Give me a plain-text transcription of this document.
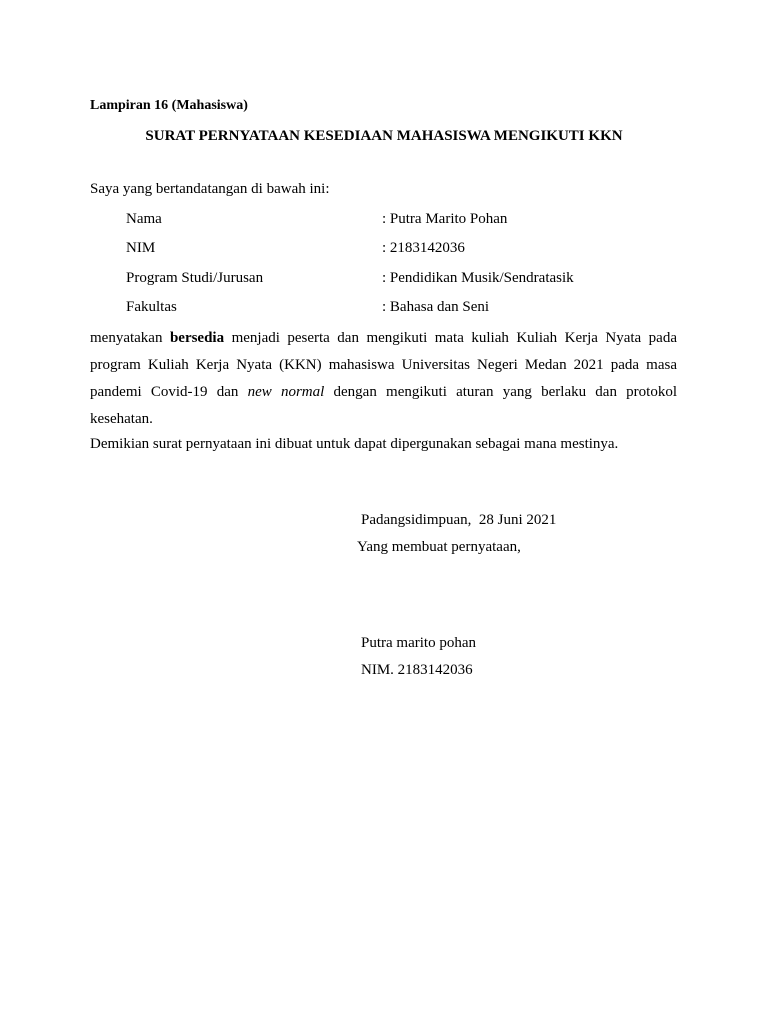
Lampiran 16 (Mahasiswa)
SURAT PERNYATAAN KESEDIAAN MAHASISWA MENGIKUTI KKN
Saya yang bertandatangan di bawah ini:
Nama	: Putra Marito Pohan
NIM	: 2183142036
Program Studi/Jurusan	: Pendidikan Musik/Sendratasik
Fakultas	: Bahasa dan Seni

menyatakan bersedia menjadi peserta dan mengikuti mata kuliah Kuliah Kerja Nyata pada program Kuliah Kerja Nyata (KKN) mahasiswa Universitas Negeri Medan 2021 pada masa pandemi Covid-19 dan new normal dengan mengikuti aturan yang berlaku dan protokol kesehatan.

Demikian surat pernyataan ini dibuat untuk dapat dipergunakan sebagai mana mestinya.
Padangsidimpuan,  28 Juni 2021
Yang membuat pernyataan,
Putra marito pohan
NIM. 2183142036
